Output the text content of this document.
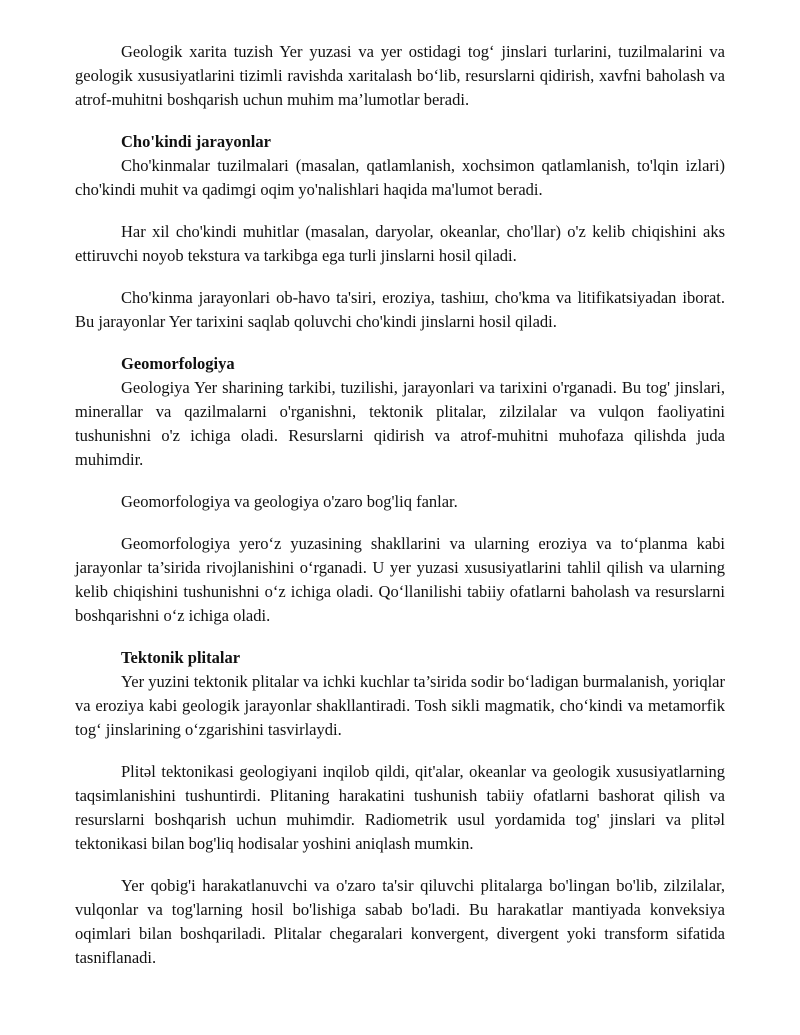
Geologik xarita tuzish Yer yuzasi va yer ostidagi tog‘ jinslari turlarini, tuzilmalarini va geologik xususiyatlarini tizimli ravishda xaritalash bo‘lib, resurslarni qidirish, xavfni baholash va atrof-muhitni boshqarish uchun muhim ma’lumotlar beradi.

Cho'kindi jarayonlar

Cho'kinmalar tuzilmalari (masalan, qatlamlanish, xochsimon qatlamlanish, to'lqin izlari) cho'kindi muhit va qadimgi oqim yo'nalishlari haqida ma'lumot beradi.

Har xil cho'kindi muhitlar (masalan, daryolar, okeanlar, cho'llar) o'z kelib chiqishini aks ettiruvchi noyob tekstura va tarkibga ega turli jinslarni hosil qiladi.

Cho'kinma jarayonlari ob-havo ta'siri, eroziya, tashiш, cho'kma va litifikatsiyadan iborat. Bu jarayonlar Yer tarixini saqlab qoluvchi cho'kindi jinslarni hosil qiladi.

Geomorfologiya

Geologiya Yer sharining tarkibi, tuzilishi, jarayonlari va tarixini o'rganadi. Bu tog' jinslari, minerallar va qazilmalarni o'rganishni, tektonik plitalar, zilzilalar va vulqon faoliyatini tushunishni o'z ichiga oladi. Resurslarni qidirish va atrof-muhitni muhofaza qilishda juda muhimdir.

Geomorfologiya va geologiya o'zaro bog'liq fanlar.

Geomorfologiya yero‘z yuzasining shakllarini va ularning eroziya va to‘planma kabi jarayonlar ta’sirida rivojlanishini o‘rganadi. U yer yuzasi xususiyatlarini tahlil qilish va ularning kelib chiqishini tushunishni o‘z ichiga oladi. Qo‘llanilishi tabiiy ofatlarni baholash va resurslarni boshqarishni o‘z ichiga oladi.

Tektonik plitalar

Yer yuzini tektonik plitalar va ichki kuchlar ta’sirida sodir bo‘ladigan burmalanish, yoriqlar va eroziya kabi geologik jarayonlar shakllantiradi. Tosh sikli magmatik, cho‘kindi va metamorfik tog‘ jinslarining o‘zgarishini tasvirlaydi.

Plitəl tektonikasi geologiyani inqilob qildi, qit'alar, okeanlar va geologik xususiyatlarning taqsimlanishini tushuntirdi. Plitaning harakatini tushunish tabiiy ofatlarni bashorat qilish va resurslarni boshqarish uchun muhimdir. Radiometrik usul yordamida tog' jinslari va plitəl tektonikasi bilan bog'liq hodisalar yoshini aniqlash mumkin.

Yer qobig'i harakatlanuvchi va o'zaro ta'sir qiluvchi plitalarga bo'lingan bo'lib, zilzilalar, vulqonlar va tog'larning hosil bo'lishiga sabab bo'ladi. Bu harakatlar mantiyada konveksiya oqimlari bilan boshqariladi. Plitalar chegaralari konvergent, divergent yoki transform sifatida tasniflanadi.
